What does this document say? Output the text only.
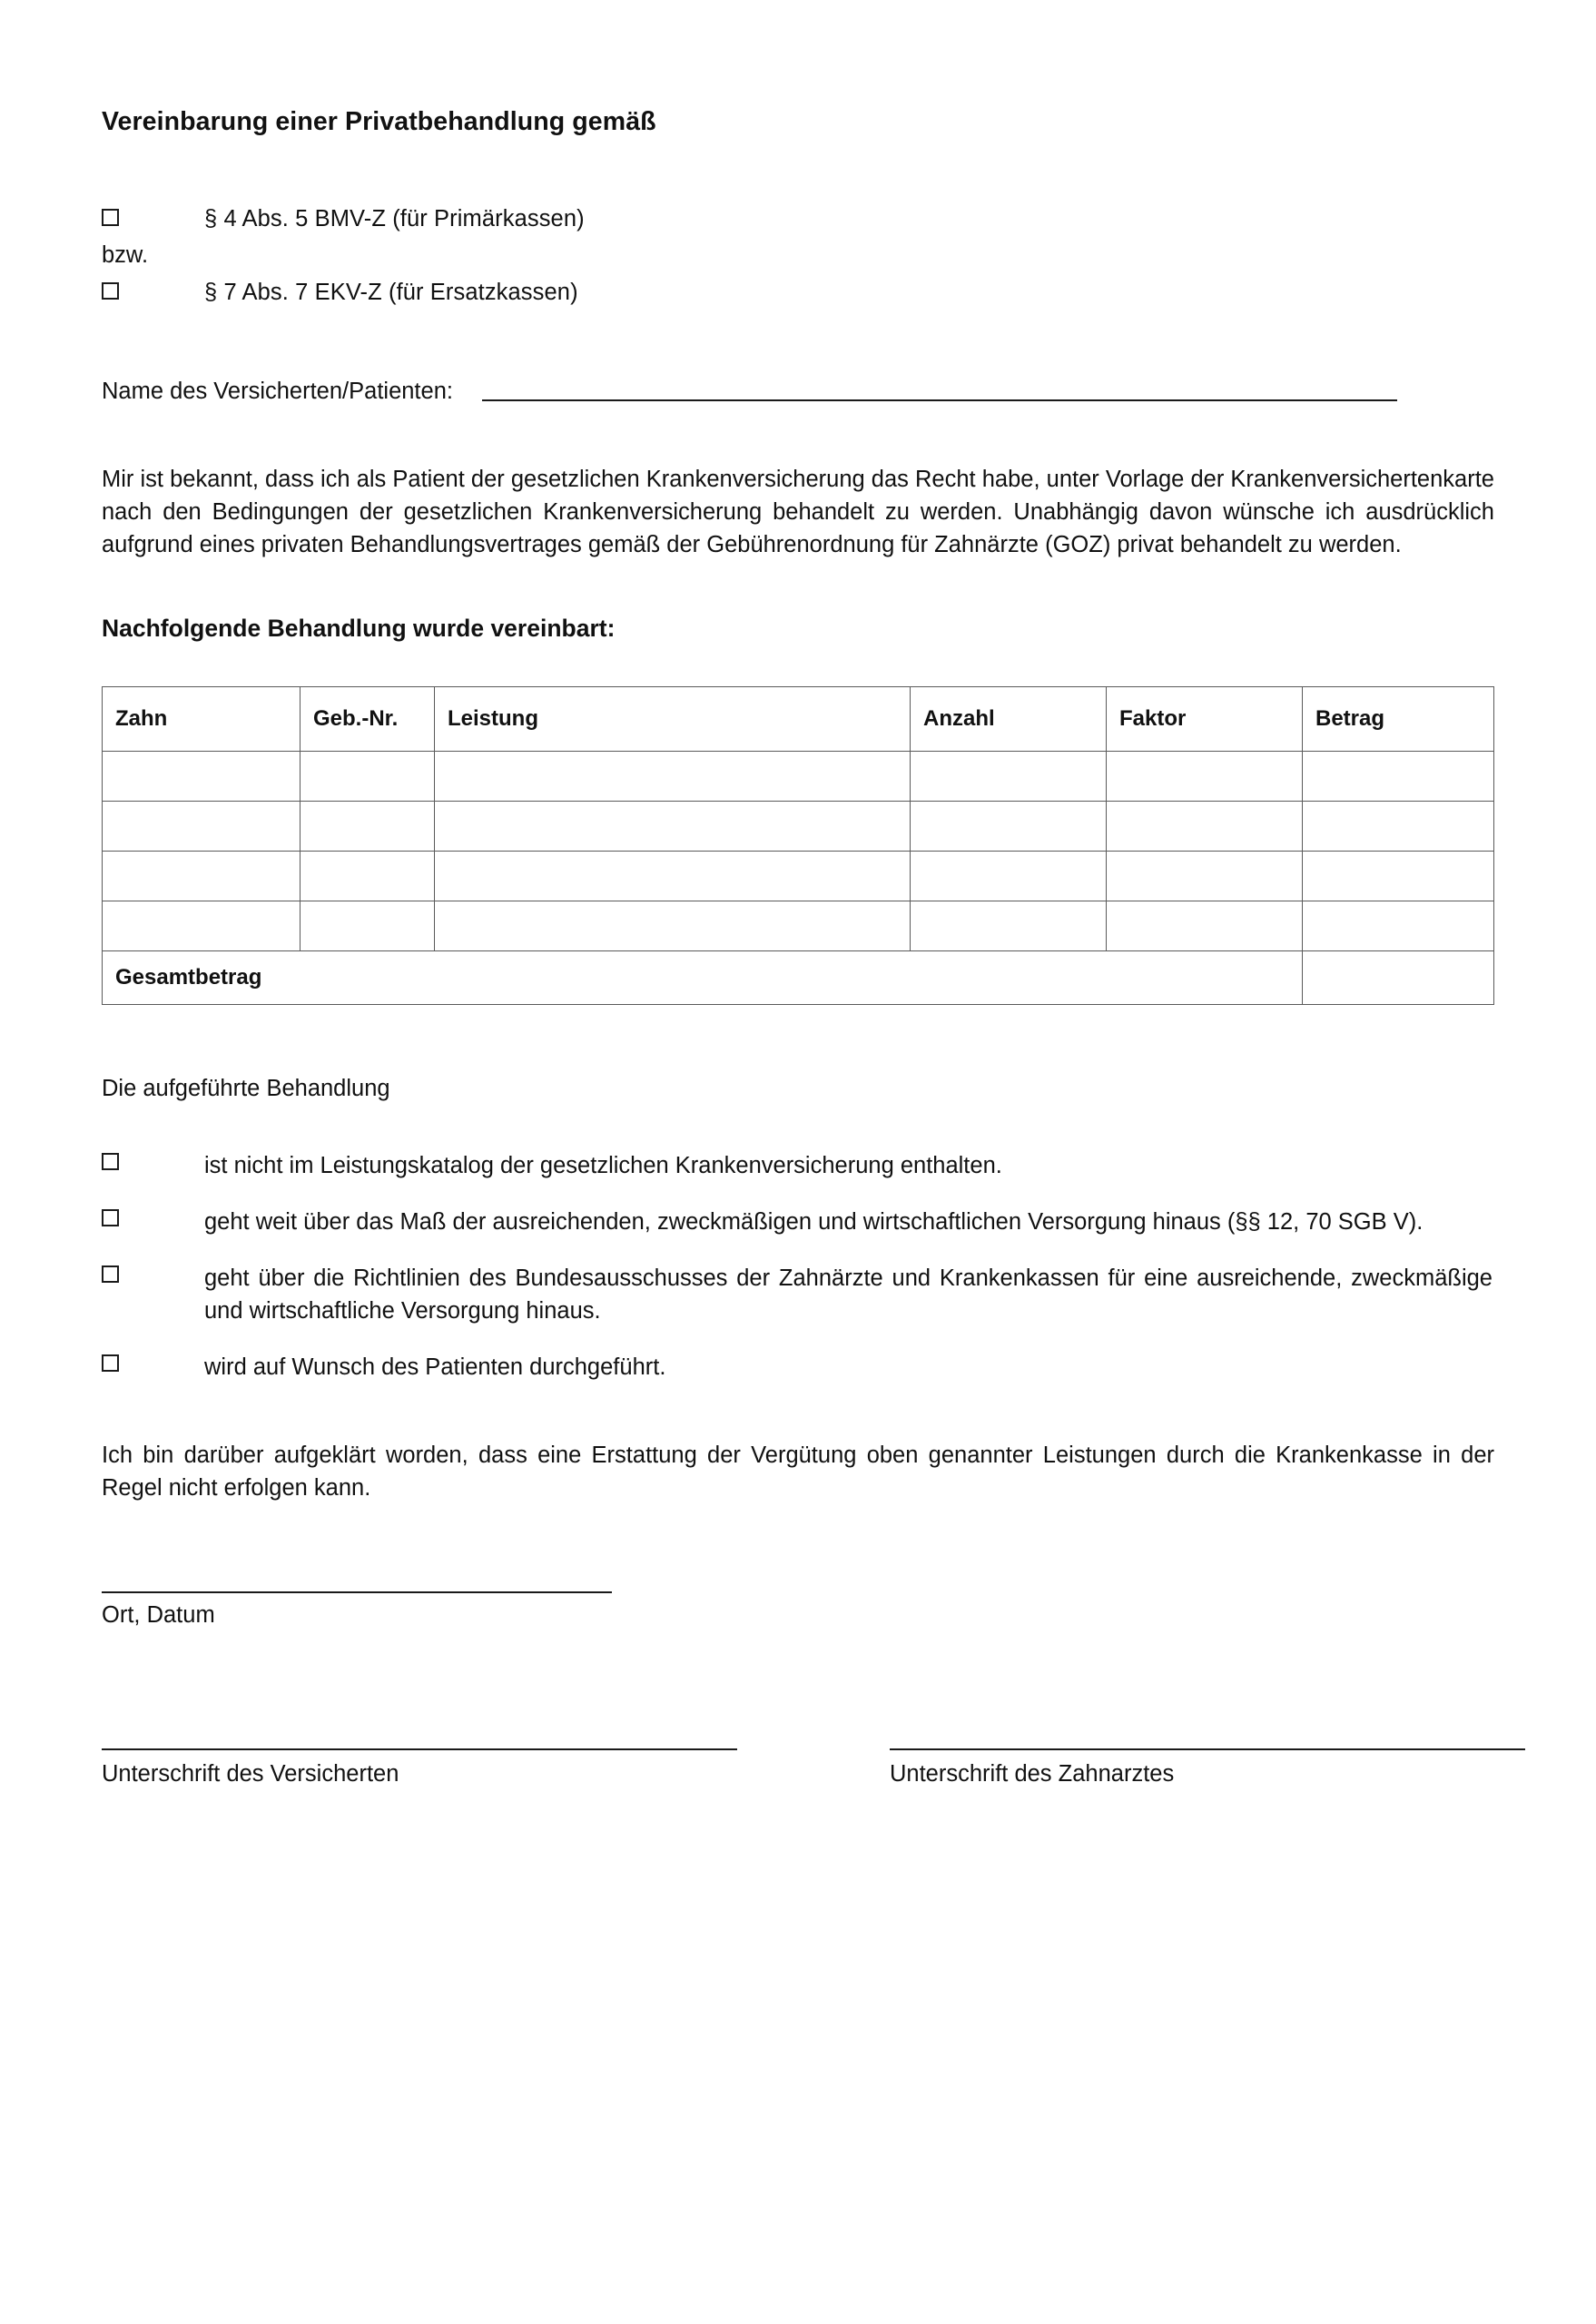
Vereinbarung einer Privatbehandlung gemäß
§ 4 Abs. 5 BMV-Z (für Primärkassen)
bzw.
§ 7 Abs. 7 EKV-Z (für Ersatzkassen)
Name des Versicherten/Patienten:

Mir ist bekannt, dass ich als Patient der gesetzlichen Krankenversicherung das Recht habe, unter Vorlage der Krankenversichertenkarte nach den Bedingungen der gesetzlichen Krankenversicherung behandelt zu werden. Unabhängig davon wünsche ich ausdrücklich aufgrund eines privaten Behandlungsvertrages gemäß der Gebührenordnung für Zahnärzte (GOZ) privat behandelt zu werden.

Nachfolgende Behandlung wurde vereinbart:
Zahn	Geb.-Nr.	Leistung	Anzahl	Faktor	Betrag

Gesamtbetrag					
Die aufgeführte Behandlung
ist nicht im Leistungskatalog der gesetzlichen Krankenversicherung enthalten.
geht weit über das Maß der ausreichenden, zweckmäßigen und wirtschaftlichen Versorgung hinaus (§§ 12, 70 SGB V).
geht über die Richtlinien des Bundesausschusses der Zahnärzte und Krankenkassen für eine ausreichende, zweckmäßige und wirtschaftliche Versorgung hinaus.
wird auf Wunsch des Patienten durchgeführt.

Ich bin darüber aufgeklärt worden, dass eine Erstattung der Vergütung oben genannter Leistungen durch die Krankenkasse in der Regel nicht erfolgen kann.

Ort, Datum
Unterschrift des Versicherten	Unterschrift des Zahnarztes
